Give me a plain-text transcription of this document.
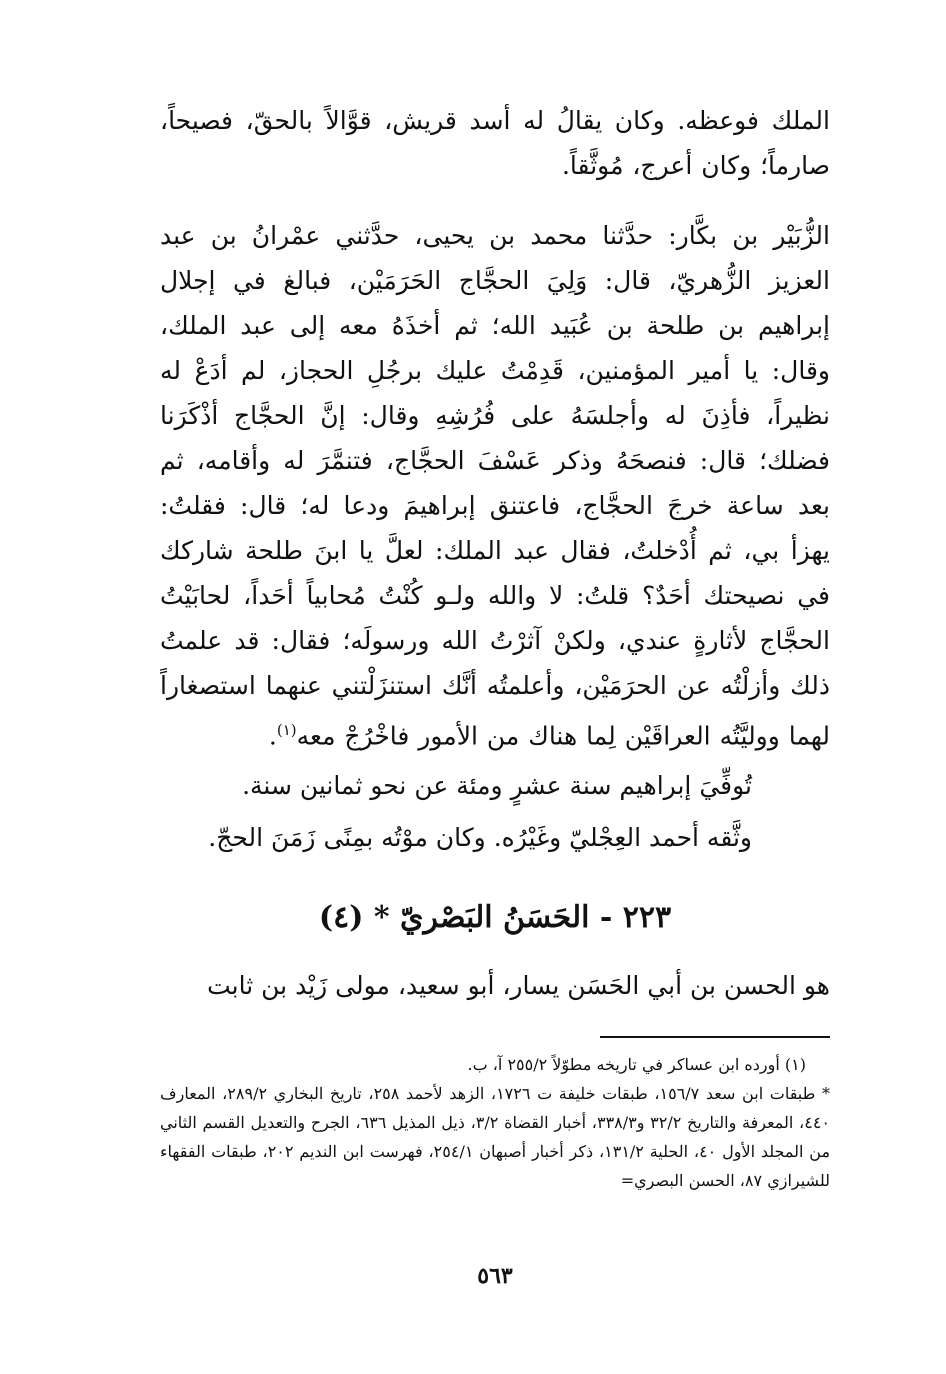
الملك فوعظه. وكان يقالُ له أسد قريش، قوَّالاً بالحقّ، فصيحاً، صارماً؛ وكان أعرج، مُوثَّقاً.

الزُّبَيْر بن بكَّار: حدَّثنا محمد بن يحيى، حدَّثني عمْرانُ بن عبد العزيز الزُّهريّ، قال: وَلِيَ الحجَّاج الحَرَمَيْن، فبالغ في إجلال إبراهيم بن طلحة بن عُبَيد الله؛ ثم أخذَهُ معه إلى عبد الملك، وقال: يا أمير المؤمنين، قَدِمْتُ عليك برجُلِ الحجاز، لم أدَعْ له نظيراً، فأذِنَ له وأجلسَهُ على فُرُشِهِ وقال: إنَّ الحجَّاج أذْكَرَنا فضلك؛ قال: فنصحَهُ وذكر عَسْفَ الحجَّاج، فتنمَّرَ له وأقامه، ثم بعد ساعة خرجَ الحجَّاج، فاعتنق إبراهيمَ ودعا له؛ قال: فقلتُ: يهزأ بي، ثم أُدْخلتُ، فقال عبد الملك: لعلَّ يا ابنَ طلحة شاركك في نصيحتك أحَدٌ؟ قلتُ: لا والله ولـو كُنْتُ مُحابياً أحَداً، لحابَيْتُ الحجَّاج لأثارةٍ عندي، ولكنْ آثرْتُ الله ورسولَه؛ فقال: قد علمتُ ذلك وأزلْتُه عن الحرَمَيْن، وأعلمتُه أنَّك استنزَلْتني عنهما استصغاراً لهما ووليَّتُه العراقَيْن لِما هناك من الأمور فاخْرُجْ معه$^{(١)}$.

تُوفِّيَ إبراهيم سنة عشرٍ ومئة عن نحو ثمانين سنة.

وثَّقه أحمد العِجْليّ وغَيْرُه. وكان موْتُه بمِنًى زَمَنَ الحجّ.

٢٢٣ - الحَسَنُ البَصْريّ * (٤)
هو الحسن بن أبي الحَسَن يسار، أبو سعيد، مولى زَيْد بن ثابت

(١) أورده ابن عساكر في تاريخه مطوّلاً ٢٥٥/٢ آ، ب.

* طبقات ابن سعد ١٥٦/٧، طبقات خليفة ت ١٧٢٦، الزهد لأحمد ٢٥٨، تاريخ البخاري ٢٨٩/٢، المعارف ٤٤٠، المعرفة والتاريخ ٣٢/٢ و٣٣٨/٣، أخبار القضاة ٣/٢، ذيل المذيل ٦٣٦، الجرح والتعديل القسم الثاني من المجلد الأول ٤٠، الحلية ١٣١/٢، ذكر أخبار أصبهان ٢٥٤/١، فهرست ابن النديم ٢٠٢، طبقات الفقهاء للشيرازي ٨٧، الحسن البصري=

٥٦٣
